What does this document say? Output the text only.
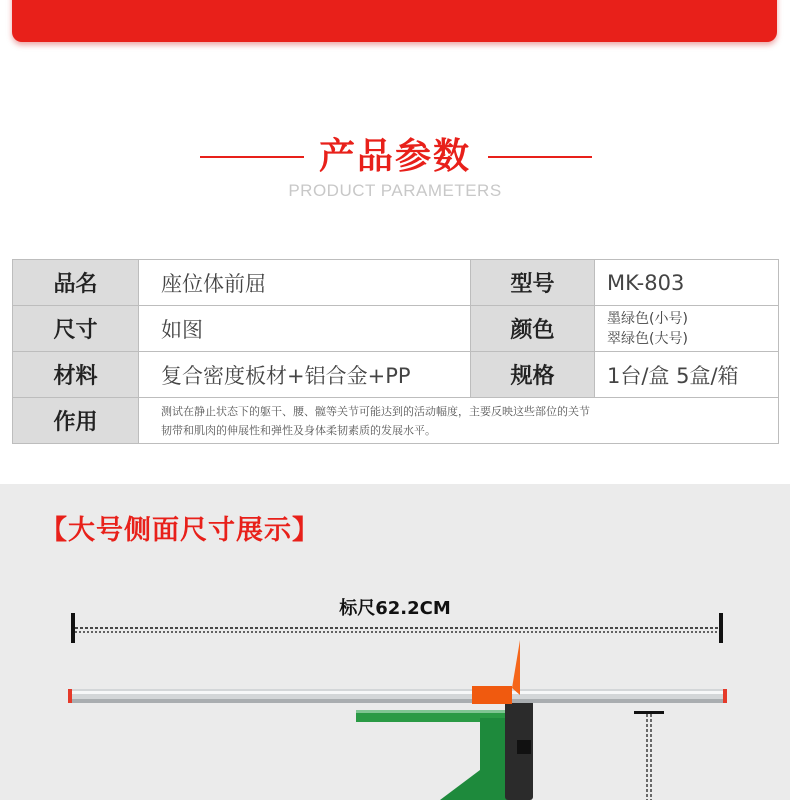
产品参数
PRODUCT PARAMETERS
品名	座位体前屈	型号	MK-803
尺寸	如图	颜色	墨绿色(小号)
翠绿色(大号)

材料	复合密度板材+铝合金+PP	规格	1台/盒 5盒/箱
作用	测试在静止状态下的躯干、腰、髋等关节可能达到的活动幅度，主要反映这些部位的关节
韧带和肌肉的伸展性和弹性及身体柔韧素质的发展水平。		
【大号侧面尺寸展示】
标尺62.2CM
